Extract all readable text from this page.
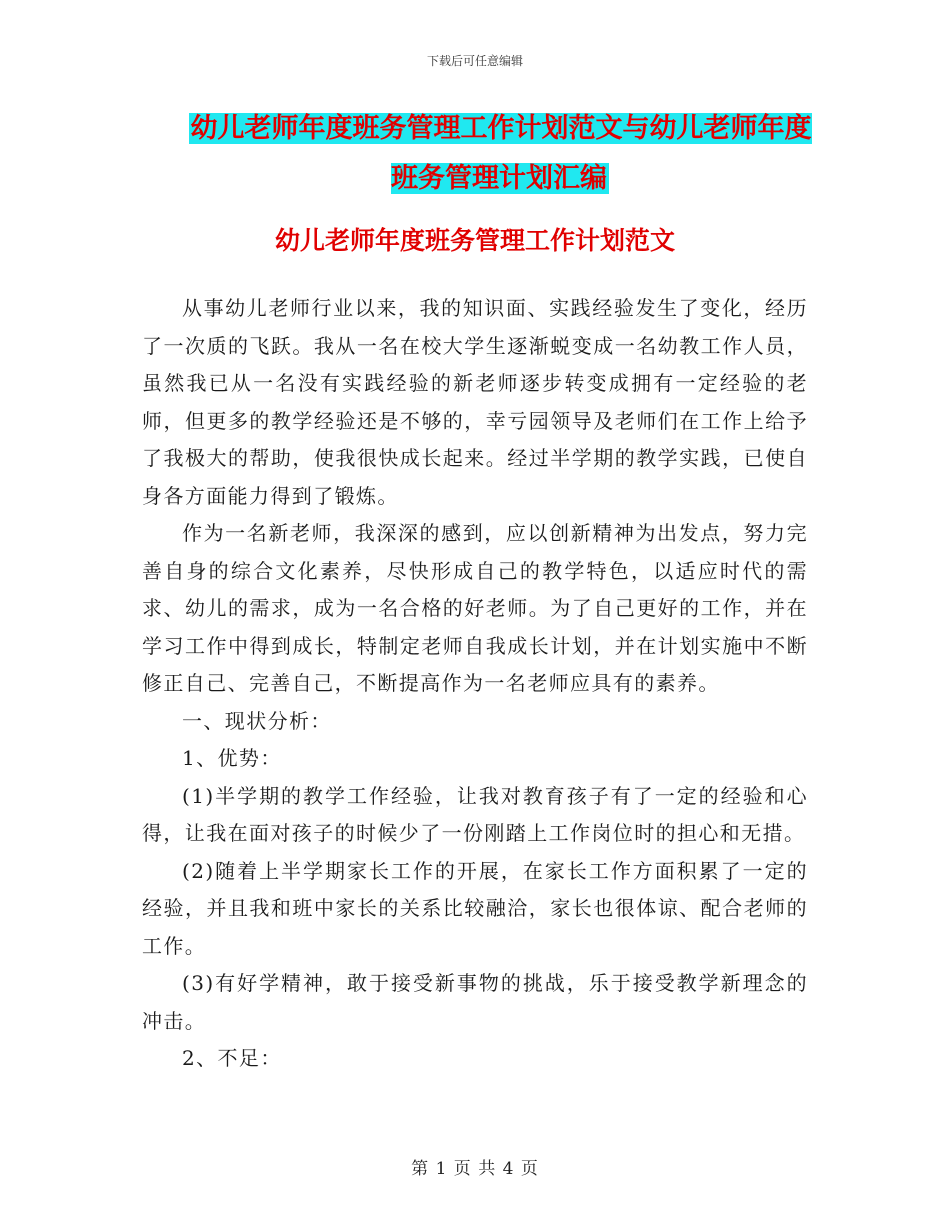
下载后可任意编辑
幼儿老师年度班务管理工作计划范文与幼儿老师年度班务管理计划汇编
幼儿老师年度班务管理工作计划范文

从事幼儿老师行业以来，我的知识面、实践经验发生了变化，经历了一次质的飞跃。我从一名在校大学生逐渐蜕变成一名幼教工作人员，虽然我已从一名没有实践经验的新老师逐步转变成拥有一定经验的老师，但更多的教学经验还是不够的，幸亏园领导及老师们在工作上给予了我极大的帮助，使我很快成长起来。经过半学期的教学实践，已使自身各方面能力得到了锻炼。

作为一名新老师，我深深的感到，应以创新精神为出发点，努力完善自身的综合文化素养，尽快形成自己的教学特色，以适应时代的需求、幼儿的需求，成为一名合格的好老师。为了自己更好的工作，并在学习工作中得到成长，特制定老师自我成长计划，并在计划实施中不断修正自己、完善自己，不断提高作为一名老师应具有的素养。

一、现状分析：

1、优势：

(1)半学期的教学工作经验，让我对教育孩子有了一定的经验和心得，让我在面对孩子的时候少了一份刚踏上工作岗位时的担心和无措。

(2)随着上半学期家长工作的开展，在家长工作方面积累了一定的经验，并且我和班中家长的关系比较融洽，家长也很体谅、配合老师的工作。

(3)有好学精神，敢于接受新事物的挑战，乐于接受教学新理念的冲击。

2、不足：

第 1 页 共 4 页
